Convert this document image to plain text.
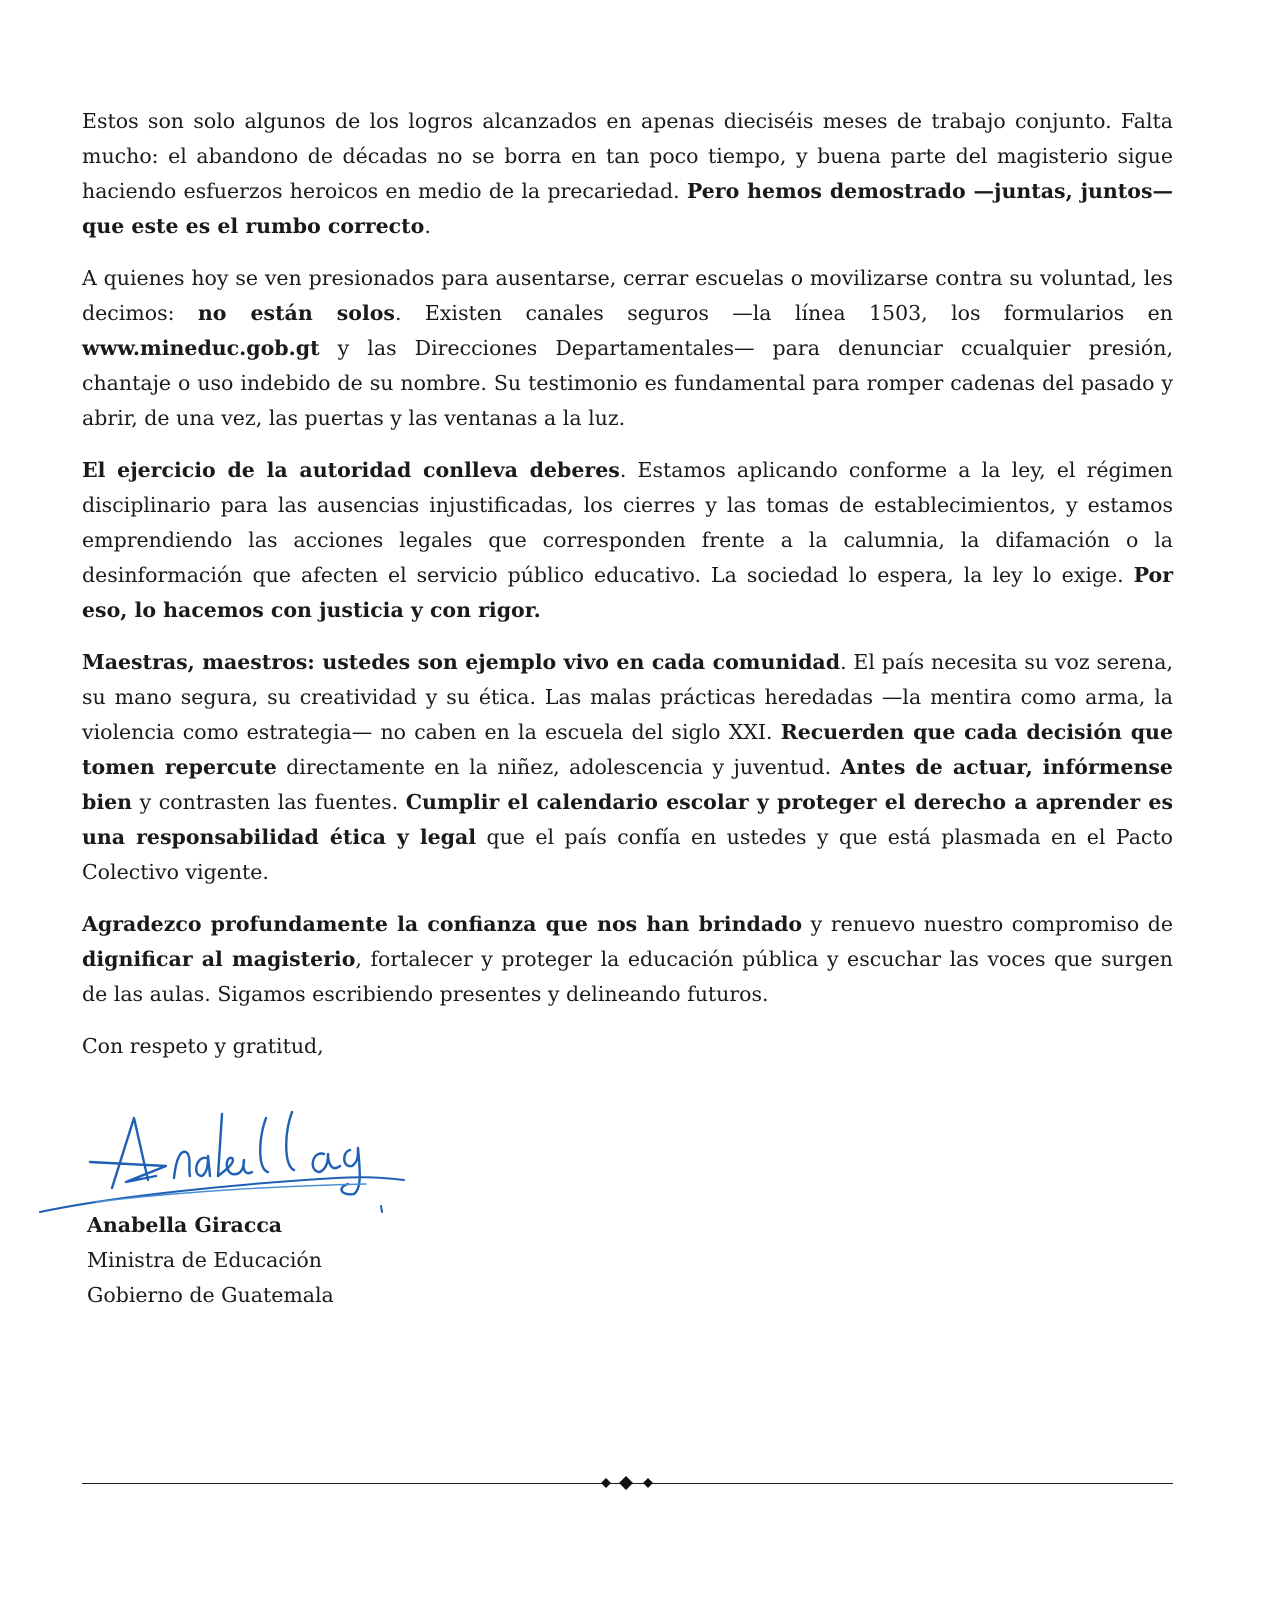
Estos son solo algunos de los logros alcanzados en apenas dieciséis meses de trabajo conjunto. Falta mucho: el abandono de décadas no se borra en tan poco tiempo, y buena parte del magisterio sigue haciendo esfuerzos heroicos en medio de la precariedad. Pero hemos demostrado —juntas, juntos— que este es el rumbo correcto.

A quienes hoy se ven presionados para ausentarse, cerrar escuelas o movilizarse contra su voluntad, les decimos: no están solos. Existen canales seguros —la línea 1503, los formularios en www.mineduc.gob.gt y las Direcciones Departamentales— para denunciar ccualquier presión, chantaje o uso indebido de su nombre. Su testimonio es fundamental para romper cadenas del pasado y abrir, de una vez, las puertas y las ventanas a la luz.

El ejercicio de la autoridad conlleva deberes. Estamos aplicando conforme a la ley, el régimen disciplinario para las ausencias injustificadas, los cierres y las tomas de establecimientos, y estamos emprendiendo las acciones legales que corresponden frente a la calumnia, la difamación o la desinformación que afecten el servicio público educativo. La sociedad lo espera, la ley lo exige. Por eso, lo hacemos con justicia y con rigor.

Maestras, maestros: ustedes son ejemplo vivo en cada comunidad. El país necesita su voz serena, su mano segura, su creatividad y su ética. Las malas prácticas heredadas —la mentira como arma, la violencia como estrategia— no caben en la escuela del siglo XXI. Recuerden que cada decisión que tomen repercute directamente en la niñez, adolescencia y juventud. Antes de actuar, infórmense bien y contrasten las fuentes. Cumplir el calendario escolar y proteger el derecho a aprender es una responsabilidad ética y legal que el país confía en ustedes y que está plasmada en el Pacto Colectivo vigente.

Agradezco profundamente la confianza que nos han brindado y renuevo nuestro compromiso de dignificar al magisterio, fortalecer y proteger la educación pública y escuchar las voces que surgen de las aulas. Sigamos escribiendo presentes y delineando futuros.

Con respeto y gratitud,

Anabella Giracca
Ministra de Educación
Gobierno de Guatemala
